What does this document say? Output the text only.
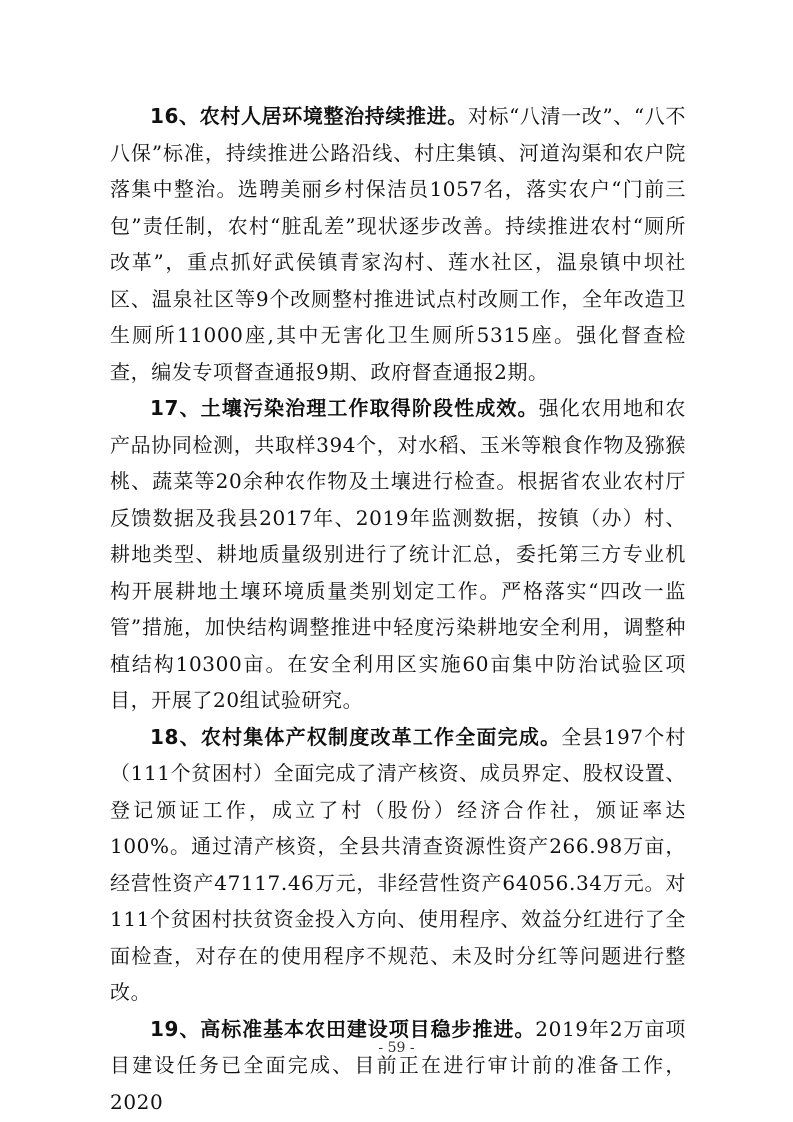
16、农村人居环境整治持续推进。对标“八清一改”、“八不八保”标准，持续推进公路沿线、村庄集镇、河道沟渠和农户院落集中整治。选聘美丽乡村保洁员1057名，落实农户“门前三包”责任制，农村“脏乱差”现状逐步改善。持续推进农村“厕所改革”，重点抓好武侯镇青家沟村、莲水社区，温泉镇中坝社区、温泉社区等9个改厕整村推进试点村改厕工作，全年改造卫生厕所11000座,其中无害化卫生厕所5315座。强化督查检查，编发专项督查通报9期、政府督查通报2期。

17、土壤污染治理工作取得阶段性成效。强化农用地和农产品协同检测，共取样394个，对水稻、玉米等粮食作物及猕猴桃、蔬菜等20余种农作物及土壤进行检查。根据省农业农村厅反馈数据及我县2017年、2019年监测数据，按镇（办）村、耕地类型、耕地质量级别进行了统计汇总，委托第三方专业机构开展耕地土壤环境质量类别划定工作。严格落实“四改一监管”措施，加快结构调整推进中轻度污染耕地安全利用，调整种植结构10300亩。在安全利用区实施60亩集中防治试验区项目，开展了20组试验研究。

18、农村集体产权制度改革工作全面完成。全县197个村（111个贫困村）全面完成了清产核资、成员界定、股权设置、登记颁证工作，成立了村（股份）经济合作社，颁证率达100%。通过清产核资，全县共清查资源性资产266.98万亩，经营性资产47117.46万元，非经营性资产64056.34万元。对111个贫困村扶贫资金投入方向、使用程序、效益分红进行了全面检查，对存在的使用程序不规范、未及时分红等问题进行整改。

19、高标准基本农田建设项目稳步推进。2019年2万亩项目建设任务已全面完成、目前正在进行审计前的准备工作，2020

- 59 -
